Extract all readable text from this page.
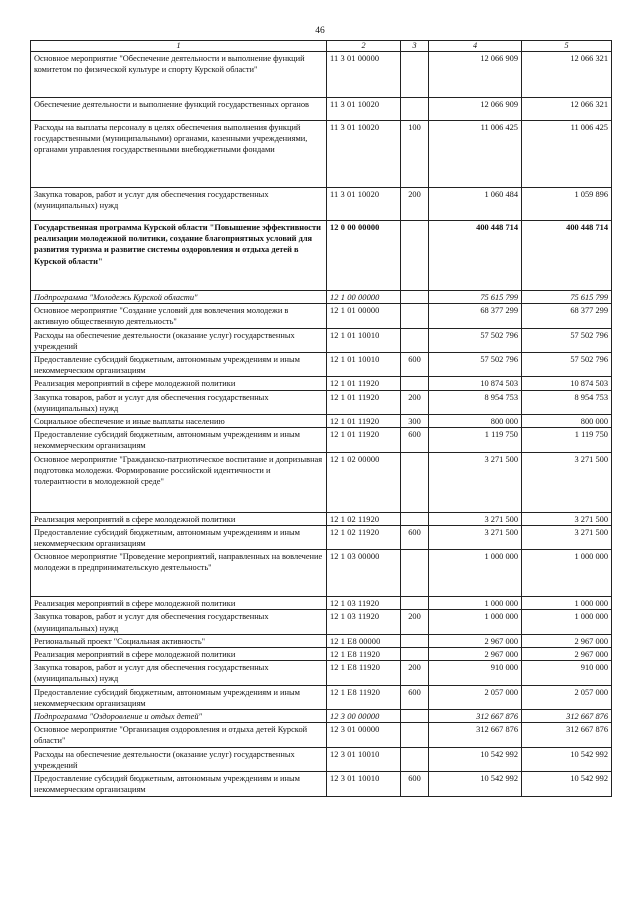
46
1	2	3	4	5
Основное мероприятие "Обеспечение деятельности и выполнение функций комитетом по физической культуре и спорту Курской области"	11 3 01 00000		12 066 909	12 066 321
Обеспечение деятельности и выполнение функций государственных органов	11 3 01 10020		12 066 909	12 066 321
Расходы на выплаты персоналу в целях обеспечения выполнения функций государственными (муниципальными) органами, казенными учреждениями, органами управления государственными внебюджетными фондами	11 3 01 10020	100	11 006 425	11 006 425
Закупка товаров, работ и услуг для обеспечения государственных (муниципальных) нужд	11 3 01 10020	200	1 060 484	1 059 896
Государственная программа Курской области "Повышение эффективности реализации молодежной политики, создание благоприятных условий для развития туризма и развитие системы оздоровления и отдыха детей в Курской области"	12 0 00 00000		400 448 714	400 448 714
Подпрограмма "Молодежь Курской области"	12 1 00 00000		75 615 799	75 615 799
Основное мероприятие "Создание условий для вовлечения молодежи в активную общественную деятельность"	12 1 01 00000		68 377 299	68 377 299
Расходы на обеспечение деятельности (оказание услуг) государственных учреждений	12 1 01 10010		57 502 796	57 502 796
Предоставление субсидий бюджетным, автономным учреждениям и иным некоммерческим организациям	12 1 01 10010	600	57 502 796	57 502 796
Реализация мероприятий в сфере молодежной политики	12 1 01 11920		10 874 503	10 874 503
Закупка товаров, работ и услуг для обеспечения государственных (муниципальных) нужд	12 1 01 11920	200	8 954 753	8 954 753
Социальное обеспечение и иные выплаты населению	12 1 01 11920	300	800 000	800 000
Предоставление субсидий бюджетным, автономным учреждениям и иным некоммерческим организациям	12 1 01 11920	600	1 119 750	1 119 750
Основное мероприятие "Гражданско-патриотическое воспитание и допризывная подготовка молодежи. Формирование российской идентичности и толерантности в молодежной среде"	12 1 02 00000		3 271 500	3 271 500
Реализация мероприятий в сфере молодежной политики	12 1 02 11920		3 271 500	3 271 500
Предоставление субсидий бюджетным, автономным учреждениям и иным некоммерческим организациям	12 1 02 11920	600	3 271 500	3 271 500
Основное мероприятие "Проведение мероприятий, направленных на вовлечение молодежи в предпринимательскую деятельность"	12 1 03 00000		1 000 000	1 000 000
Реализация мероприятий в сфере молодежной политики	12 1 03 11920		1 000 000	1 000 000
Закупка товаров, работ и услуг для обеспечения государственных (муниципальных) нужд	12 1 03 11920	200	1 000 000	1 000 000
Региональный проект "Социальная активность"	12 1 E8 00000		2 967 000	2 967 000
Реализация мероприятий в сфере молодежной политики	12 1 E8 11920		2 967 000	2 967 000
Закупка товаров, работ и услуг для обеспечения государственных (муниципальных) нужд	12 1 E8 11920	200	910 000	910 000
Предоставление субсидий бюджетным, автономным учреждениям и иным некоммерческим организациям	12 1 E8 11920	600	2 057 000	2 057 000
Подпрограмма "Оздоровление и отдых детей"	12 3 00 00000		312 667 876	312 667 876
Основное мероприятие "Организация оздоровления и отдыха детей Курской области"	12 3 01 00000		312 667 876	312 667 876
Расходы на обеспечение деятельности (оказание услуг) государственных учреждений	12 3 01 10010		10 542 992	10 542 992
Предоставление субсидий бюджетным, автономным учреждениям и иным некоммерческим организациям	12 3 01 10010	600	10 542 992	10 542 992
